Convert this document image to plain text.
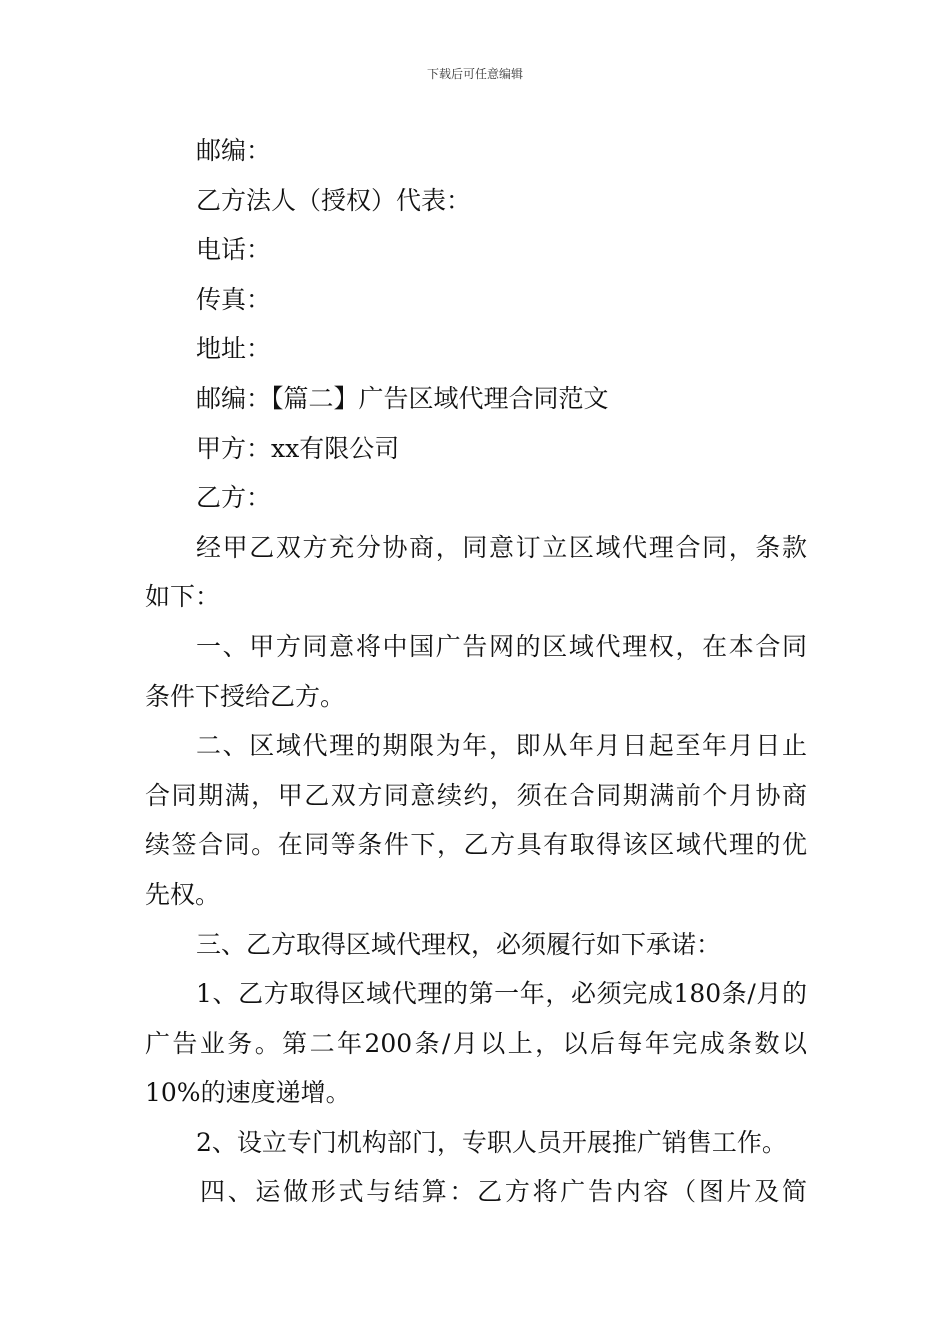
下载后可任意编辑
邮编：
乙方法人（授权）代表：
电话：
传真：
地址：
邮编：【篇二】广告区域代理合同范文
甲方：xx有限公司
乙方：
经甲乙双方充分协商，同意订立区域代理合同，条款
如下：
一、甲方同意将中国广告网的区域代理权，在本合同
条件下授给乙方。
二、区域代理的期限为年，即从年月日起至年月日止
合同期满，甲乙双方同意续约，须在合同期满前个月协商
续签合同。在同等条件下，乙方具有取得该区域代理的优
先权。
三、乙方取得区域代理权，必须履行如下承诺：
1、乙方取得区域代理的第一年，必须完成180条/月的
广告业务。第二年200条/月以上，以后每年完成条数以
10%的速度递增。
2、设立专门机构部门，专职人员开展推广销售工作。
四、运做形式与结算：乙方将广告内容（图片及简
